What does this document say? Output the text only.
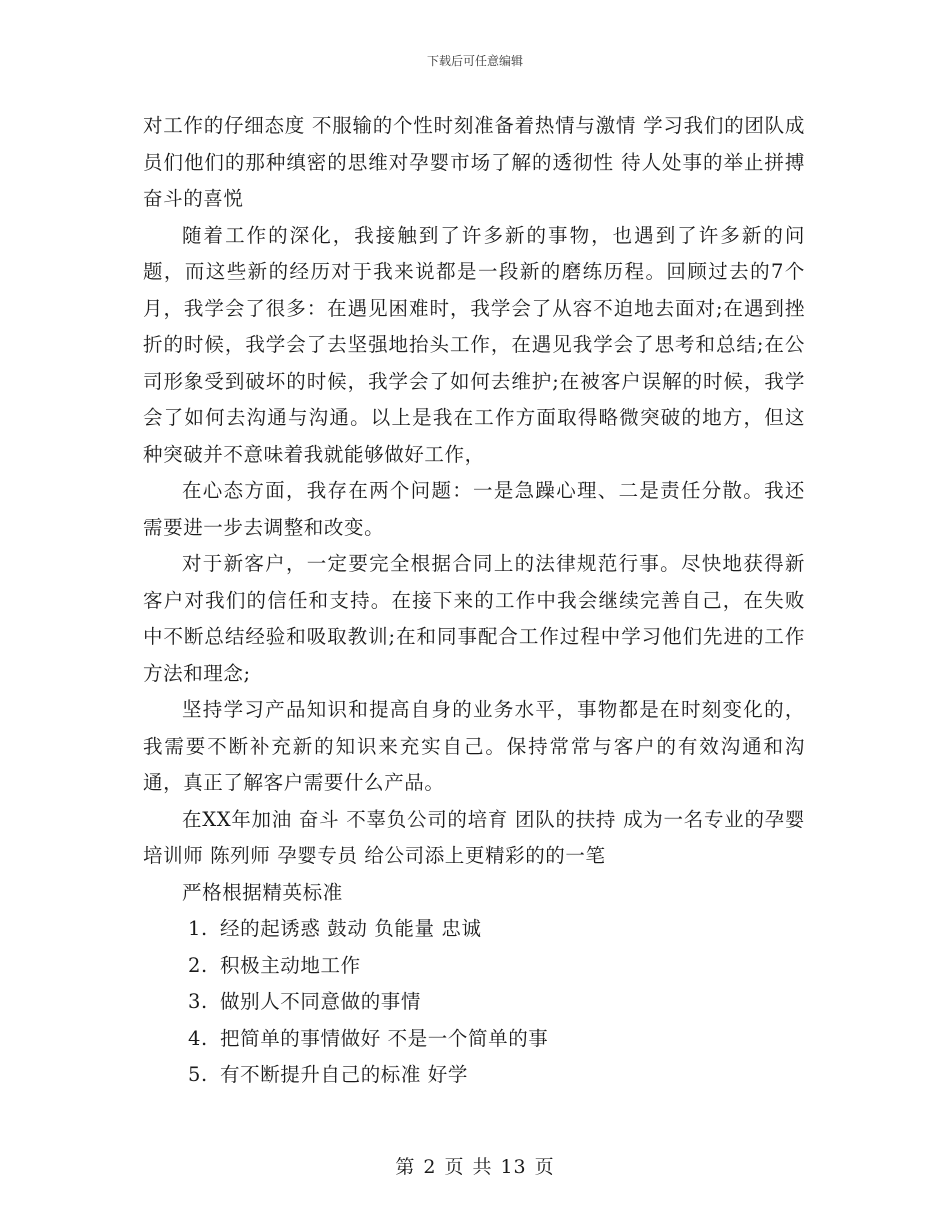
下载后可任意编辑

对工作的仔细态度 不服输的个性时刻准备着热情与激情 学习我们的团队成员们他们的那种缜密的思维对孕婴市场了解的透彻性 待人处事的举止拼搏奋斗的喜悦

随着工作的深化，我接触到了许多新的事物，也遇到了许多新的问题，而这些新的经历对于我来说都是一段新的磨练历程。回顾过去的7个月，我学会了很多：在遇见困难时，我学会了从容不迫地去面对;在遇到挫折的时候，我学会了去坚强地抬头工作，在遇见我学会了思考和总结;在公司形象受到破坏的时候，我学会了如何去维护;在被客户误解的时候，我学会了如何去沟通与沟通。以上是我在工作方面取得略微突破的地方，但这种突破并不意味着我就能够做好工作，

在心态方面，我存在两个问题：一是急躁心理、二是责任分散。我还需要进一步去调整和改变。

对于新客户，一定要完全根据合同上的法律规范行事。尽快地获得新客户对我们的信任和支持。在接下来的工作中我会继续完善自己，在失败中不断总结经验和吸取教训;在和同事配合工作过程中学习他们先进的工作方法和理念;

坚持学习产品知识和提高自身的业务水平，事物都是在时刻变化的，我需要不断补充新的知识来充实自己。保持常常与客户的有效沟通和沟通，真正了解客户需要什么产品。

在XX年加油 奋斗 不辜负公司的培育 团队的扶持 成为一名专业的孕婴培训师 陈列师 孕婴专员 给公司添上更精彩的的一笔

严格根据精英标准

1. 经的起诱惑 鼓动 负能量 忠诚
2. 积极主动地工作
3. 做别人不同意做的事情
4. 把简单的事情做好 不是一个简单的事
5. 有不断提升自己的标准 好学
第 2 页 共 13 页
